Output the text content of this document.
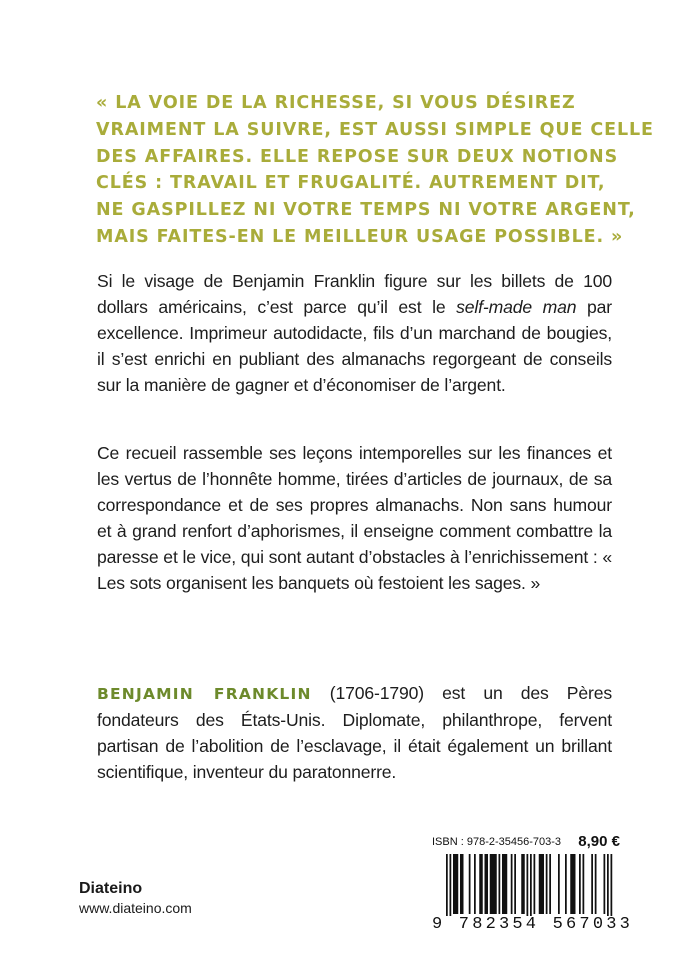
« LA VOIE DE LA RICHESSE, SI VOUS DÉSIREZ
VRAIMENT LA SUIVRE, EST AUSSI SIMPLE QUE CELLE
DES AFFAIRES. ELLE REPOSE SUR DEUX NOTIONS
CLÉS : TRAVAIL ET FRUGALITÉ. AUTREMENT DIT,
NE GASPILLEZ NI VOTRE TEMPS NI VOTRE ARGENT,
MAIS FAITES-EN LE MEILLEUR USAGE POSSIBLE. »

Si le visage de Benjamin Franklin figure sur les billets de 100 dollars américains, c’est parce qu’il est le self-made man par excellence. Imprimeur autodidacte, fils d’un marchand de bougies, il s’est enrichi en publiant des almanachs regorgeant de conseils sur la manière de gagner et d’économiser de l’argent.

Ce recueil rassemble ses leçons intemporelles sur les finances et les vertus de l’honnête homme, tirées d’articles de journaux, de sa correspondance et de ses propres almanachs. Non sans humour et à grand renfort d’aphorismes, il enseigne comment combattre la paresse et le vice, qui sont autant d’obstacles à l’enrichissement : « Les sots organisent les banquets où festoient les sages. »

BENJAMIN FRANKLIN (1706-1790) est un des Pères fondateurs des États-Unis. Diplomate, philanthrope, fervent partisan de l’abolition de l’esclavage, il était également un brillant scientifique, inventeur du paratonnerre.

Diateino
www.diateino.com
ISBN : 978-2-35456-703-3 8,90 €
9 782354 567033
